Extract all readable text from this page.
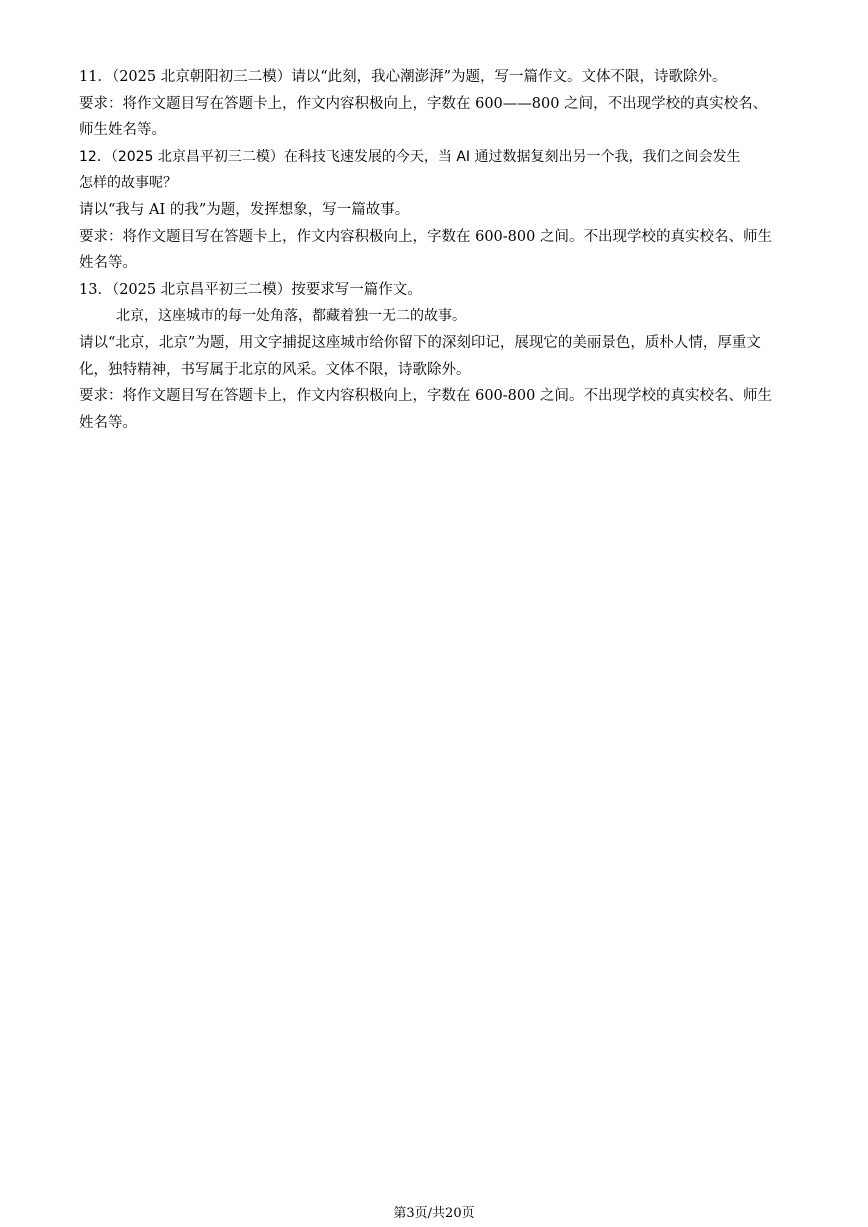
11．（2025 北京朝阳初三二模）请以“此刻，我心潮澎湃”为题，写一篇作文。文体不限，诗歌除外。
要求：将作文题目写在答题卡上，作文内容积极向上，字数在 600——800 之间，不出现学校的真实校名、
师生姓名等。
12．（2025 北京昌平初三二模）在科技飞速发展的今天，当 AI 通过数据复刻出另一个我，我们之间会发生
怎样的故事呢？
请以“我与 AI 的我”为题，发挥想象，写一篇故事。
要求：将作文题目写在答题卡上，作文内容积极向上，字数在 600-800 之间。不出现学校的真实校名、师生
姓名等。
13．（2025 北京昌平初三二模）按要求写一篇作文。
北京，这座城市的每一处角落，都藏着独一无二的故事。
请以“北京，北京”为题，用文字捕捉这座城市给你留下的深刻印记，展现它的美丽景色，质朴人情，厚重文
化，独特精神，书写属于北京的风采。文体不限，诗歌除外。
要求：将作文题目写在答题卡上，作文内容积极向上，字数在 600-800 之间。不出现学校的真实校名、师生
姓名等。
第3页/共20页
